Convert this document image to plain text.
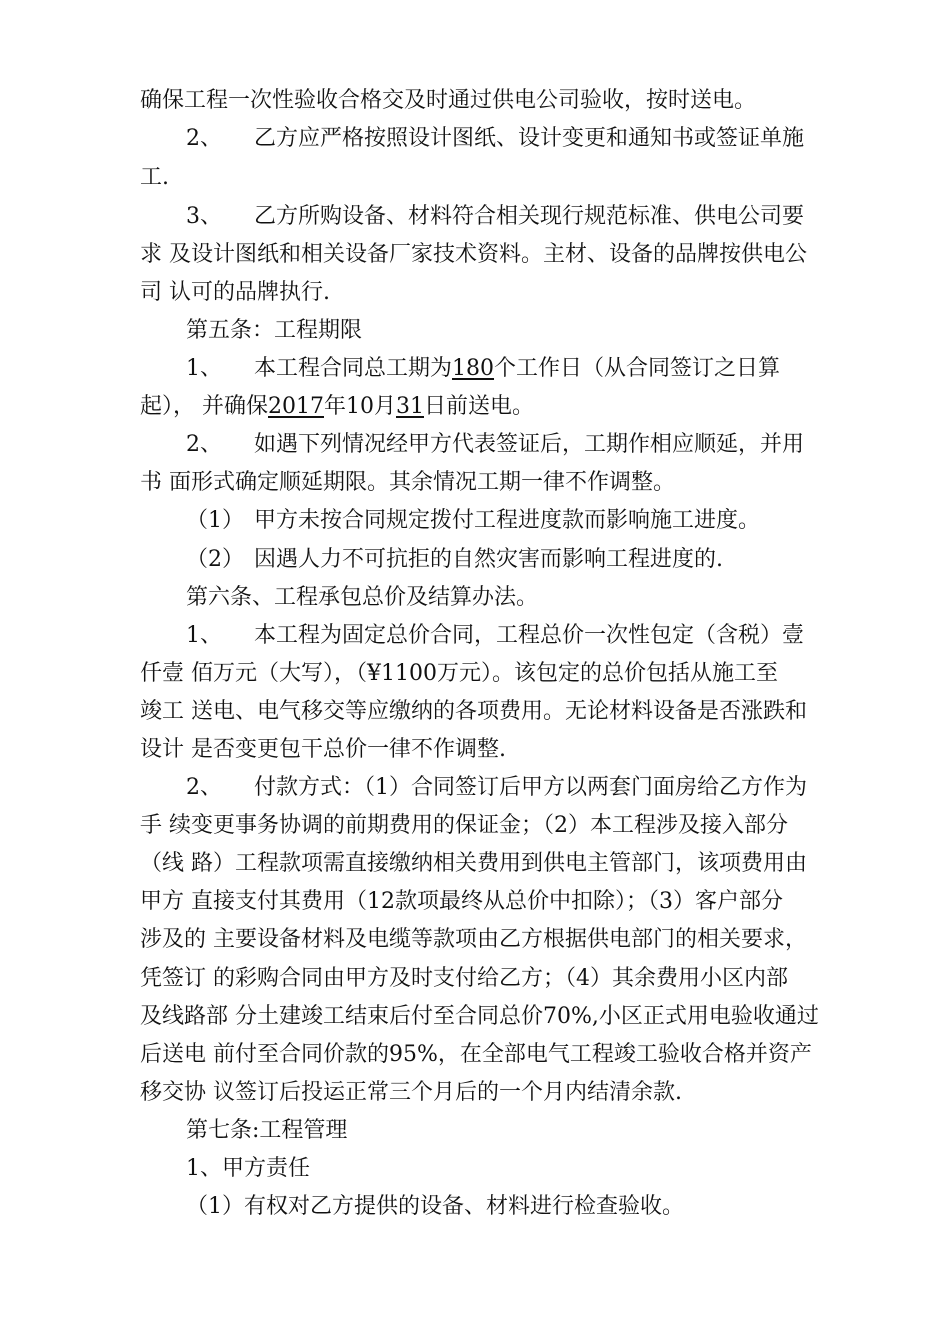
确保工程一次性验收合格交及时通过供电公司验收，按时送电。
2、 乙方应严格按照设计图纸、设计变更和通知书或签证单施
工.
3、 乙方所购设备、材料符合相关现行规范标准、供电公司要
求 及设计图纸和相关设备厂家技术资料。主材、设备的品牌按供电公
司 认可的品牌执行.
第五条：工程期限
1、 本工程合同总工期为180个工作日（从合同签订之日算
起）， 并确保2017年10月31日前送电。
2、 如遇下列情况经甲方代表签证后，工期作相应顺延，并用
书 面形式确定顺延期限。其余情况工期一律不作调整。
（1） 甲方未按合同规定拨付工程进度款而影响施工进度。
（2） 因遇人力不可抗拒的自然灾害而影响工程进度的.
第六条、工程承包总价及结算办法。
1、 本工程为固定总价合同，工程总价一次性包定（含税）壹
仟壹 佰万元（大写），（¥1100万元）。该包定的总价包括从施工至
竣工 送电、电气移交等应缴纳的各项费用。无论材料设备是否涨跌和
设计 是否变更包干总价一律不作调整.
2、 付款方式：（1）合同签订后甲方以两套门面房给乙方作为
手 续变更事务协调的前期费用的保证金；（2）本工程涉及接入部分
（线 路）工程款项需直接缴纳相关费用到供电主管部门，该项费用由
甲方 直接支付其费用（12款项最终从总价中扣除）；（3）客户部分
涉及的 主要设备材料及电缆等款项由乙方根据供电部门的相关要求，
凭签订 的彩购合同由甲方及时支付给乙方；（4）其余费用小区内部
及线路部 分土建竣工结束后付至合同总价70%,小区正式用电验收通过
后送电 前付至合同价款的95%，在全部电气工程竣工验收合格并资产
移交协 议签订后投运正常三个月后的一个月内结清余款.
第七条:工程管理
1、甲方责任
（1）有权对乙方提供的设备、材料进行检查验收。
